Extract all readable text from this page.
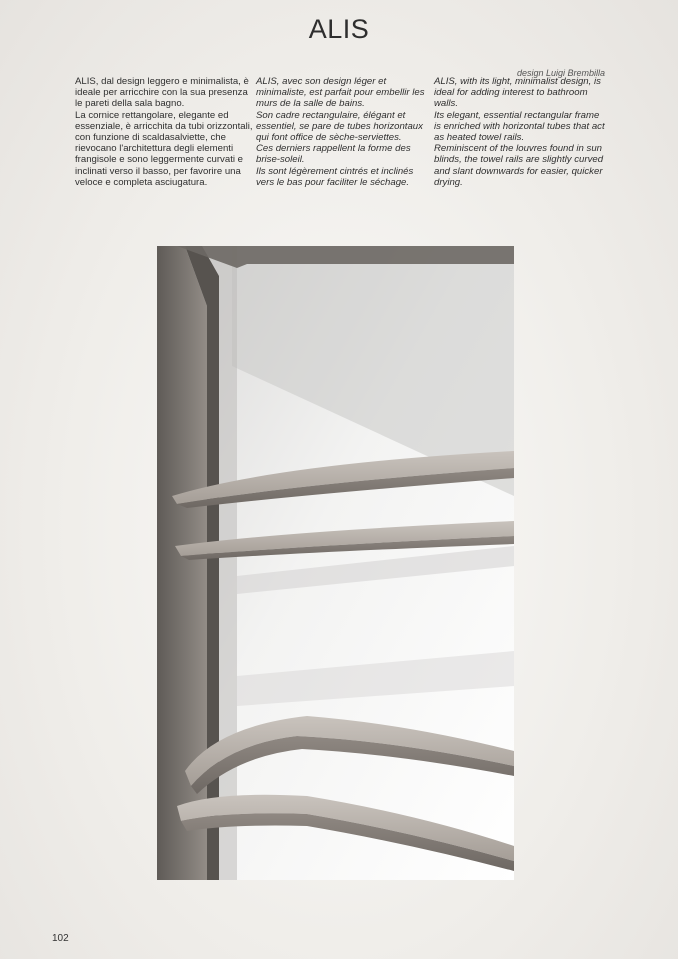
ALIS
design Luigi Brembilla

ALIS, dal design leggero e minimalista, è ideale per arricchire con la sua presenza le pareti della sala bagno.

La cornice rettangolare, elegante ed essenziale, è arricchita da tubi orizzontali, con funzione di scaldasalviette, che rievocano l'architettura degli elementi frangisole e sono leggermente curvati e inclinati verso il basso, per favorire una veloce e completa asciugatura.

ALIS, avec son design léger et minimaliste, est parfait pour embellir les murs de la salle de bains.

Son cadre rectangulaire, élégant et essentiel, se pare de tubes horizontaux qui font office de sèche-serviettes.

Ces derniers rappellent la forme des brise-soleil.

Ils sont légèrement cintrés et inclinés vers le bas pour faciliter le séchage.

ALIS, with its light, minimalist design, is ideal for adding interest to bathroom walls.

Its elegant, essential rectangular frame is enriched with horizontal tubes that act as heated towel rails.

Reminiscent of the louvres found in sun blinds, the towel rails are slightly curved and slant downwards for easier, quicker drying.

102
